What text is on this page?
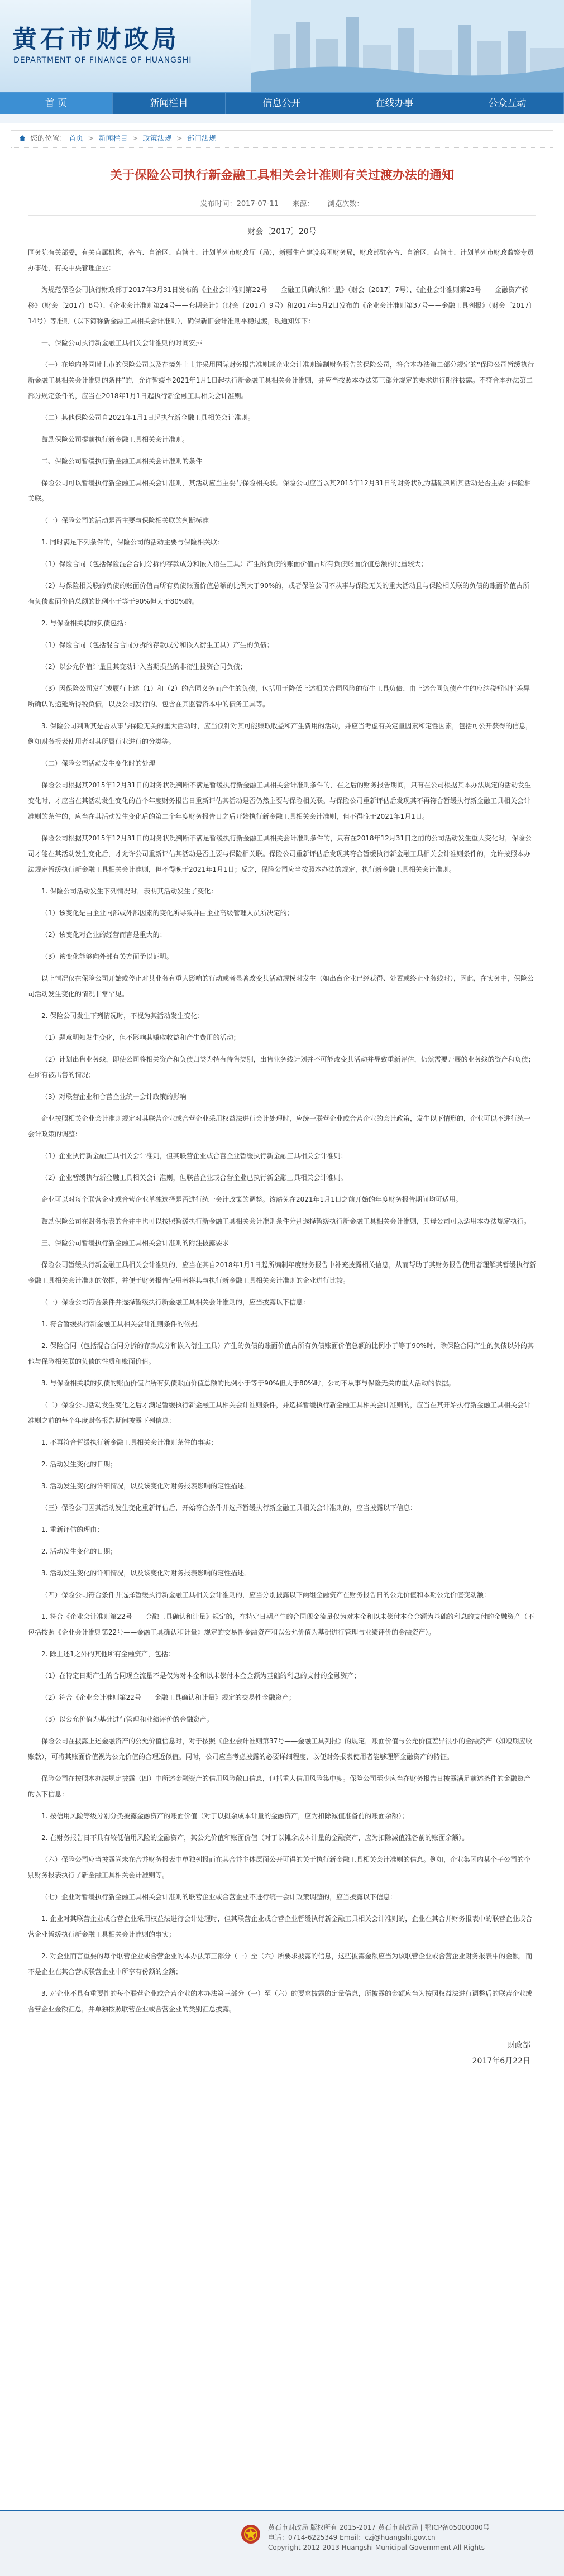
黄石市财政局
DEPARTMENT OF FINANCE OF HUANGSHI
首 页	新闻栏目	信息公开	在线办事	公众互动
您的位置： 首页 > 新闻栏目 > 政策法规 > 部门法规
关于保险公司执行新金融工具相关会计准则有关过渡办法的通知
发布时间：2017-07-11 来源： 浏览次数：
财会〔2017〕20号

国务院有关部委，有关直属机构，各省、自治区、直辖市、计划单列市财政厅（局），新疆生产建设兵团财务局，财政部驻各省、自治区、直辖市、计划单列市财政监察专员办事处，有关中央管理企业：

为规范保险公司执行财政部于2017年3月31日发布的《企业会计准则第22号——金融工具确认和计量》（财会〔2017〕7号）、《企业会计准则第23号——金融资产转移》（财会〔2017〕8号）、《企业会计准则第24号——套期会计》（财会〔2017〕9号）和2017年5月2日发布的《企业会计准则第37号——金融工具列报》（财会〔2017〕14号）等准则（以下简称新金融工具相关会计准则），确保新旧会计准则平稳过渡，现通知如下：

一、保险公司执行新金融工具相关会计准则的时间安排

（一）在境内外同时上市的保险公司以及在境外上市并采用国际财务报告准则或企业会计准则编制财务报告的保险公司，符合本办法第二部分规定的“保险公司暂缓执行新金融工具相关会计准则的条件”的，允许暂缓至2021年1月1日起执行新金融工具相关会计准则，并应当按照本办法第三部分规定的要求进行附注披露。不符合本办法第二部分规定条件的，应当在2018年1月1日起执行新金融工具相关会计准则。

（二）其他保险公司自2021年1月1日起执行新金融工具相关会计准则。

鼓励保险公司提前执行新金融工具相关会计准则。

二、保险公司暂缓执行新金融工具相关会计准则的条件

保险公司可以暂缓执行新金融工具相关会计准则，其活动应当主要与保险相关联。保险公司应当以其2015年12月31日的财务状况为基础判断其活动是否主要与保险相关联。

（一）保险公司的活动是否主要与保险相关联的判断标准

1. 同时满足下列条件的，保险公司的活动主要与保险相关联：

（1）保险合同（包括保险混合合同分拆的存款成分和嵌入衍生工具）产生的负债的账面价值占所有负债账面价值总额的比重较大；

（2）与保险相关联的负债的账面价值占所有负债账面价值总额的比例大于90%的，或者保险公司不从事与保险无关的重大活动且与保险相关联的负债的账面价值占所有负债账面价值总额的比例小于等于90%但大于80%的。

2. 与保险相关联的负债包括：

（1）保险合同（包括混合合同分拆的存款成分和嵌入衍生工具）产生的负债；

（2）以公允价值计量且其变动计入当期损益的非衍生投资合同负债；

（3）因保险公司发行或履行上述（1）和（2）的合同义务而产生的负债，包括用于降低上述相关合同风险的衍生工具负债、由上述合同负债产生的应纳税暂时性差异所确认的递延所得税负债，以及公司发行的、包含在其监管资本中的债务工具等。

3. 保险公司判断其是否从事与保险无关的重大活动时，应当仅针对其可能赚取收益和产生费用的活动，并应当考虑有关定量因素和定性因素，包括可公开获得的信息，例如财务报表使用者对其所属行业进行的分类等。

（二）保险公司活动发生变化时的处理

保险公司根据其2015年12月31日的财务状况判断不满足暂缓执行新金融工具相关会计准则条件的，在之后的财务报告期间，只有在公司根据其本办法规定的活动发生变化时，才应当在其活动发生变化的首个年度财务报告日重新评估其活动是否仍然主要与保险相关联。与保险公司重新评估后发现其不再符合暂缓执行新金融工具相关会计准则的条件的，应当在其活动发生变化后的第二个年度财务报告日之后开始执行新金融工具相关会计准则，但不得晚于2021年1月1日。

保险公司根据其2015年12月31日的财务状况判断不满足暂缓执行新金融工具相关会计准则条件的，只有在2018年12月31日之前的公司活动发生重大变化时，保险公司才能在其活动发生变化后，才允许公司重新评估其活动是否主要与保险相关联。保险公司重新评估后发现其符合暂缓执行新金融工具相关会计准则条件的，允许按照本办法规定暂缓执行新金融工具相关会计准则，但不得晚于2021年1月1日；反之，保险公司应当按照本办法的规定，执行新金融工具相关会计准则。

1. 保险公司活动发生下列情况时，表明其活动发生了变化：

（1）该变化是由企业内部或外部因素的变化所导致并由企业高级管理人员所决定的；

（2）该变化对企业的经营而言是重大的；

（3）该变化能够向外部有关方面予以证明。

以上情况仅在保险公司开始或停止对其业务有重大影响的行动或者显著改变其活动规模时发生（如出台企业已经获得、处置或终止业务线时），因此，在实务中，保险公司活动发生变化的情况非常罕见。

2. 保险公司发生下列情况时，不视为其活动发生变化：

（1）题意明知发生变化，但不影响其赚取收益和产生费用的活动；

（2）计划出售业务线，即使公司将相关资产和负债归类为持有待售类别，出售业务线计划并不可能改变其活动并导致重新评估，仍然需要开展的业务线的资产和负债；在所有被出售的情况；

（3）对联营企业和合营企业统一会计政策的影响

企业按照相关企业会计准则规定对其联营企业或合营企业采用权益法进行会计处理时，应统一联营企业或合营企业的会计政策，发生以下情形的，企业可以不进行统一会计政策的调整：

（1）企业执行新金融工具相关会计准则，但其联营企业或合营企业暂缓执行新金融工具相关会计准则；

（2）企业暂缓执行新金融工具相关会计准则，但联营企业或合营企业已执行新金融工具相关会计准则。

企业可以对每个联营企业或合营企业单独选择是否进行统一会计政策的调整。该豁免在2021年1月1日之前开始的年度财务报告期间均可适用。

鼓励保险公司在财务报表的合并中也可以按照暂缓执行新金融工具相关会计准则条件分别选择暂缓执行新金融工具相关会计准则，其母公司可以适用本办法规定执行。

三、保险公司暂缓执行新金融工具相关会计准则的附注披露要求

保险公司暂缓执行新金融工具相关会计准则的，应当在其自2018年1月1日起所编制年度财务报告中补充披露相关信息，从而帮助于其财务报告使用者理解其暂缓执行新金融工具相关会计准则的依据，并便于财务报告使用者将其与执行新金融工具相关会计准则的企业进行比较。

（一）保险公司符合条件并选择暂缓执行新金融工具相关会计准则的，应当披露以下信息：

1. 符合暂缓执行新金融工具相关会计准则条件的依据。

2. 保险合同（包括混合合同分拆的存款成分和嵌入衍生工具）产生的负债的账面价值占所有负债账面价值总额的比例小于等于90%时，除保险合同产生的负债以外的其他与保险相关联的负债的性质和账面价值。

3. 与保险相关联的负债的账面价值占所有负债账面价值总额的比例小于等于90%但大于80%时，公司不从事与保险无关的重大活动的依据。

（二）保险公司活动发生变化之后才满足暂缓执行新金融工具相关会计准则条件，并选择暂缓执行新金融工具相关会计准则的，应当在其开始执行新金融工具相关会计准则之前的每个年度财务报告期间披露下列信息：

1. 不再符合暂缓执行新金融工具相关会计准则条件的事实；

2. 活动发生变化的日期；

3. 活动发生变化的详细情况，以及该变化对财务报表影响的定性描述。

（三）保险公司因其活动发生变化重新评估后，开始符合条件并选择暂缓执行新金融工具相关会计准则的，应当披露以下信息：

1. 重新评估的理由；

2. 活动发生变化的日期；

3. 活动发生变化的详细情况，以及该变化对财务报表影响的定性描述。

（四）保险公司符合条件并选择暂缓执行新金融工具相关会计准则的，应当分别披露以下两组金融资产在财务报告日的公允价值和本期公允价值变动额：

1. 符合《企业会计准则第22号——金融工具确认和计量》规定的，在特定日期产生的合同现金流量仅为对本金和以未偿付本金金额为基础的利息的支付的金融资产（不包括按照《企业会计准则第22号——金融工具确认和计量》规定的交易性金融资产和以公允价值为基础进行管理与业绩评价的金融资产）。

2. 除上述1之外的其他所有金融资产，包括：

（1）在特定日期产生的合同现金流量不是仅为对本金和以未偿付本金金额为基础的利息的支付的金融资产；

（2）符合《企业会计准则第22号——金融工具确认和计量》规定的交易性金融资产；

（3）以公允价值为基础进行管理和业绩评价的金融资产。

保险公司在披露上述金融资产的公允价值信息时，对于按照《企业会计准则第37号——金融工具列报》的规定，账面价值与公允价值差异很小的金融资产（如短期应收账款），可将其账面价值视为公允价值的合理近似值。同时，公司应当考虑披露的必要详细程度，以便财务报表使用者能够理解金融资产的特征。

保险公司在按照本办法规定披露（四）中所述金融资产的信用风险敞口信息，包括重大信用风险集中度。保险公司至少应当在财务报告日披露满足前述条件的金融资产的以下信息：

1. 按信用风险等级分别分类披露金融资产的账面价值（对于以摊余成本计量的金融资产，应为扣除减值准备前的账面余额）；

2. 在财务报告日不具有较低信用风险的金融资产，其公允价值和账面价值（对于以摊余成本计量的金融资产，应为扣除减值准备前的账面余额）。

（六）保险公司应当披露尚未在合并财务报表中单独列报而在其合并主体层面公开可得的关于执行新金融工具相关会计准则的信息。例如，企业集团内某个子公司的个别财务报表执行了新金融工具相关会计准则等。

（七）企业对暂缓执行新金融工具相关会计准则的联营企业或合营企业不进行统一会计政策调整的，应当披露以下信息：

1. 企业对其联营企业或合营企业采用权益法进行会计处理时，但其联营企业或合营企业暂缓执行新金融工具相关会计准则的，企业在其合并财务报表中的联营企业或合营企业暂缓执行新金融工具相关会计准则的事实；

2. 对企业而言重要的每个联营企业或合营企业的本办法第三部分（一）至（六）所要求披露的信息，这些披露金额应当为该联营企业或合营企业财务报表中的金额，而不是企业在其合营或联营企业中所享有份额的金额；

3. 对企业不具有重要性的每个联营企业或合营企业的本办法第三部分（一）至（六）的要求披露的定量信息，所披露的金额应当为按照权益法进行调整后的联营企业或合营企业金额汇总，并单独按照联营企业或合营企业的类别汇总披露。

财政部
2017年6月22日
黄石市财政局 版权所有 2015-2017 黄石市财政局 | 鄂ICP备05000000号
电话：0714-6225349 Email：czj@huangshi.gov.cn
Copyright 2012-2013 Huangshi Municipal Government All Rights
